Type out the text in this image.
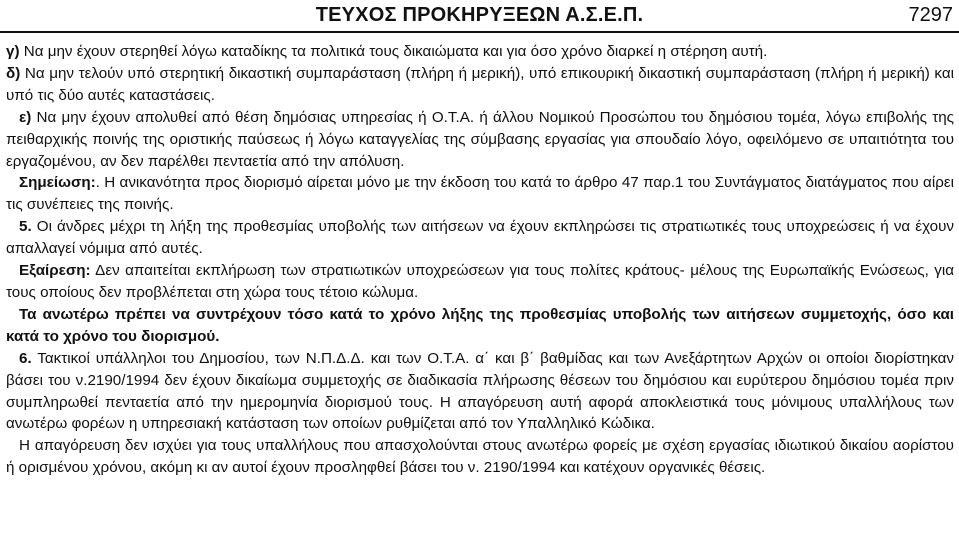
ΤΕΥΧΟΣ ΠΡΟΚΗΡΥΞΕΩΝ Α.Σ.Ε.Π.	7297

γ) Να μην έχουν στερηθεί λόγω καταδίκης τα πολιτικά τους δικαιώματα και για όσο χρόνο διαρκεί η στέρηση αυτή.

δ) Να μην τελούν υπό στερητική δικαστική συμπαράσταση (πλήρη ή μερική), υπό επικουρική δικαστική συμπαράσταση (πλήρη ή μερική) και υπό τις δύο αυτές καταστάσεις.

ε) Να μην έχουν απολυθεί από θέση δημόσιας υπηρεσίας ή Ο.Τ.Α. ή άλλου Νομικού Προσώπου του δημόσιου τομέα, λόγω επιβολής της πειθαρχικής ποινής της οριστικής παύσεως ή λόγω καταγγελίας της σύμβασης εργασίας για σπουδαίο λόγο, οφειλόμενο σε υπαιτιότητα του εργαζομένου, αν δεν παρέλθει πενταετία από την απόλυση.

Σημείωση:. Η ανικανότητα προς διορισμό αίρεται μόνο με την έκδοση του κατά το άρθρο 47 παρ.1 του Συντάγματος διατάγματος που αίρει τις συνέπειες της ποινής.

5. Οι άνδρες μέχρι τη λήξη της προθεσμίας υποβολής των αιτήσεων να έχουν εκπληρώσει τις στρατιωτικές τους υποχρεώσεις ή να έχουν απαλλαγεί νόμιμα από αυτές.

Εξαίρεση: Δεν απαιτείται εκπλήρωση των στρατιωτικών υποχρεώσεων για τους πολίτες κράτους- μέλους της Ευρωπαϊκής Ενώσεως, για τους οποίους δεν προβλέπεται στη χώρα τους τέτοιο κώλυμα.

Τα ανωτέρω πρέπει να συντρέχουν τόσο κατά το χρόνο λήξης της προθεσμίας υποβολής των αιτήσεων συμμετοχής, όσο και κατά το χρόνο του διορισμού.

6. Τακτικοί υπάλληλοι του Δημοσίου, των Ν.Π.Δ.Δ. και των Ο.Τ.Α. α΄ και β΄ βαθμίδας και των Ανεξάρτητων Αρχών οι οποίοι διορίστηκαν βάσει του ν.2190/1994 δεν έχουν δικαίωμα συμμετοχής σε διαδικασία πλήρωσης θέσεων του δημόσιου και ευρύτερου δημόσιου τομέα πριν συμπληρωθεί πενταετία από την ημερομηνία διορισμού τους. Η απαγόρευση αυτή αφορά αποκλειστικά τους μόνιμους υπαλλήλους των ανωτέρω φορέων η υπηρεσιακή κατάσταση των οποίων ρυθμίζεται από τον Υπαλληλικό Κώδικα.

Η απαγόρευση δεν ισχύει για τους υπαλλήλους που απασχολούνται στους ανωτέρω φορείς με σχέση εργασίας ιδιωτικού δικαίου αορίστου ή ορισμένου χρόνου, ακόμη κι αν αυτοί έχουν προσληφθεί βάσει του ν. 2190/1994 και κατέχουν οργανικές θέσεις.
